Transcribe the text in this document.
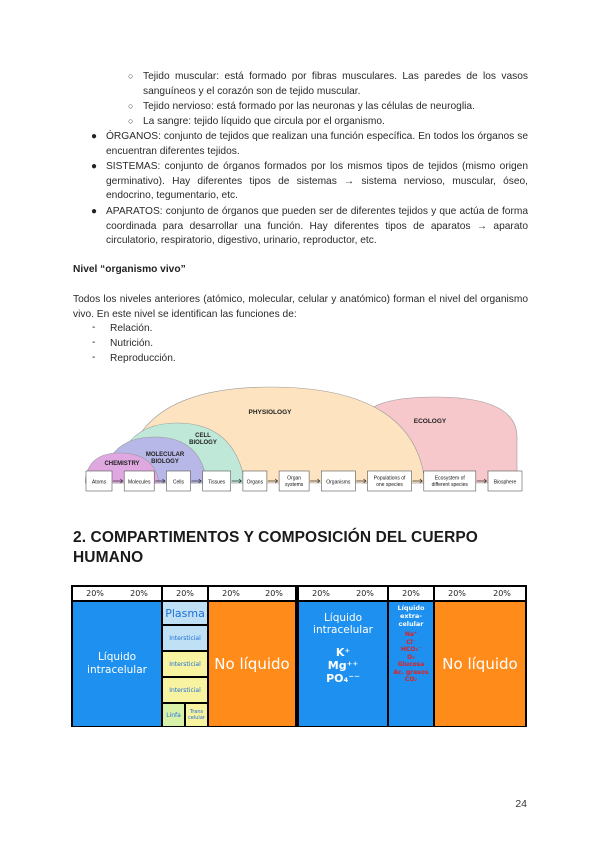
○ Tejido muscular: está formado por fibras musculares. Las paredes de los vasos sanguíneos y el corazón son de tejido muscular.
○ Tejido nervioso: está formado por las neuronas y las células de neuroglia.
○ La sangre: tejido líquido que circula por el organismo.
● ÓRGANOS: conjunto de tejidos que realizan una función específica. En todos los órganos se encuentran diferentes tejidos.
● SISTEMAS: conjunto de órganos formados por los mismos tipos de tejidos (mismo origen germinativo). Hay diferentes tipos de sistemas → sistema nervioso, muscular, óseo, endocrino, tegumentario, etc.
● APARATOS: conjunto de órganos que pueden ser de diferentes tejidos y que actúa de forma coordinada para desarrollar una función. Hay diferentes tipos de aparatos → aparato circulatorio, respiratorio, digestivo, urinario, reproductor, etc.
Nivel “organismo vivo”
Todos los niveles anteriores (atómico, molecular, celular y anatómico) forman el nivel del organismo vivo. En este nivel se identifican las funciones de:
- Relación.
- Nutrición.
- Reproducción.
CHEMISTRY
MOLECULAR BIOLOGY
CELL BIOLOGY
PHYSIOLOGY
ECOLOGY
Atoms	Molecules	Cells	Tissues	Organs
Organ
systems	Organisms
Populations of
one species
Ecosystem of
different species	Biosphere
2. COMPARTIMENTOS Y COMPOSICIÓN DEL CUERPO HUMANO
20%	20%	20%	20%	20%	20%	20%	20%	20%	20%
Líquido intracelular
Plasma
Intersticial
Intersticial
Intersticial
Linfa	Trans celular
No líquido
Líquido intracelular
K⁺
Mg⁺⁺
PO₄⁻⁻
Líquido extra-celular
Na⁺
Cl⁻
HCO₃⁻
O₂
Glucosa
Ac. grasos
CO₂
No líquido
24
